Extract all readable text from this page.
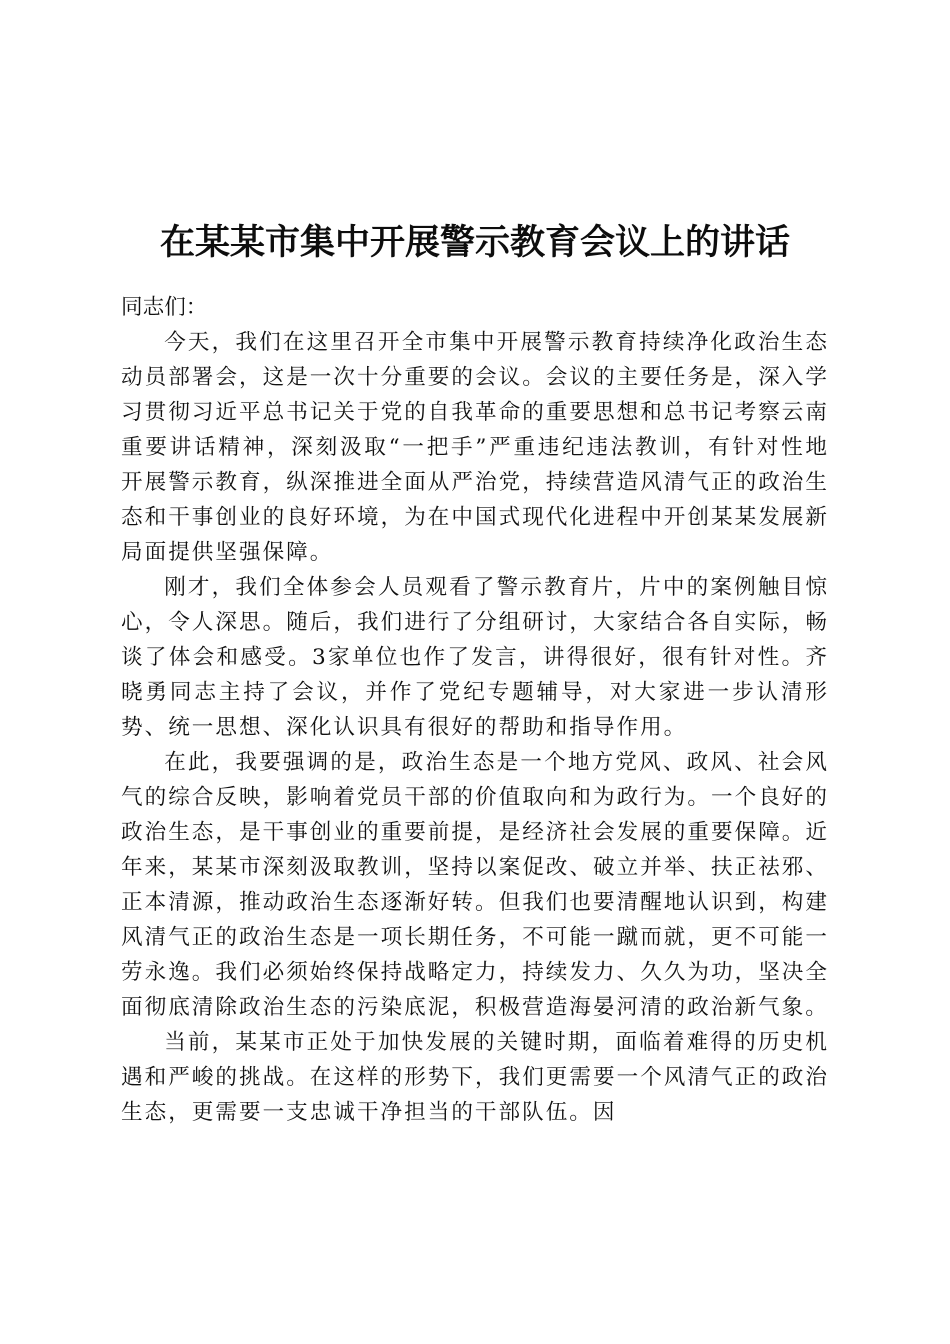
在某某市集中开展警示教育会议上的讲话

同志们：

今天，我们在这里召开全市集中开展警示教育持续净化政治生态动员部署会，这是一次十分重要的会议。会议的主要任务是，深入学习贯彻习近平总书记关于党的自我革命的重要思想和总书记考察云南重要讲话精神，深刻汲取“一把手”严重违纪违法教训，有针对性地开展警示教育，纵深推进全面从严治党，持续营造风清气正的政治生态和干事创业的良好环境，为在中国式现代化进程中开创某某发展新局面提供坚强保障。

刚才，我们全体参会人员观看了警示教育片，片中的案例触目惊心，令人深思。随后，我们进行了分组研讨，大家结合各自实际，畅谈了体会和感受。3家单位也作了发言，讲得很好，很有针对性。齐晓勇同志主持了会议，并作了党纪专题辅导，对大家进一步认清形势、统一思想、深化认识具有很好的帮助和指导作用。

在此，我要强调的是，政治生态是一个地方党风、政风、社会风气的综合反映，影响着党员干部的价值取向和为政行为。一个良好的政治生态，是干事创业的重要前提，是经济社会发展的重要保障。近年来，某某市深刻汲取教训，坚持以案促改、破立并举、扶正祛邪、正本清源，推动政治生态逐渐好转。但我们也要清醒地认识到，构建风清气正的政治生态是一项长期任务，不可能一蹴而就，更不可能一劳永逸。我们必须始终保持战略定力，持续发力、久久为功，坚决全面彻底清除政治生态的污染底泥，积极营造海晏河清的政治新气象。

当前，某某市正处于加快发展的关键时期，面临着难得的历史机遇和严峻的挑战。在这样的形势下，我们更需要一个风清气正的政治生态，更需要一支忠诚干净担当的干部队伍。因
